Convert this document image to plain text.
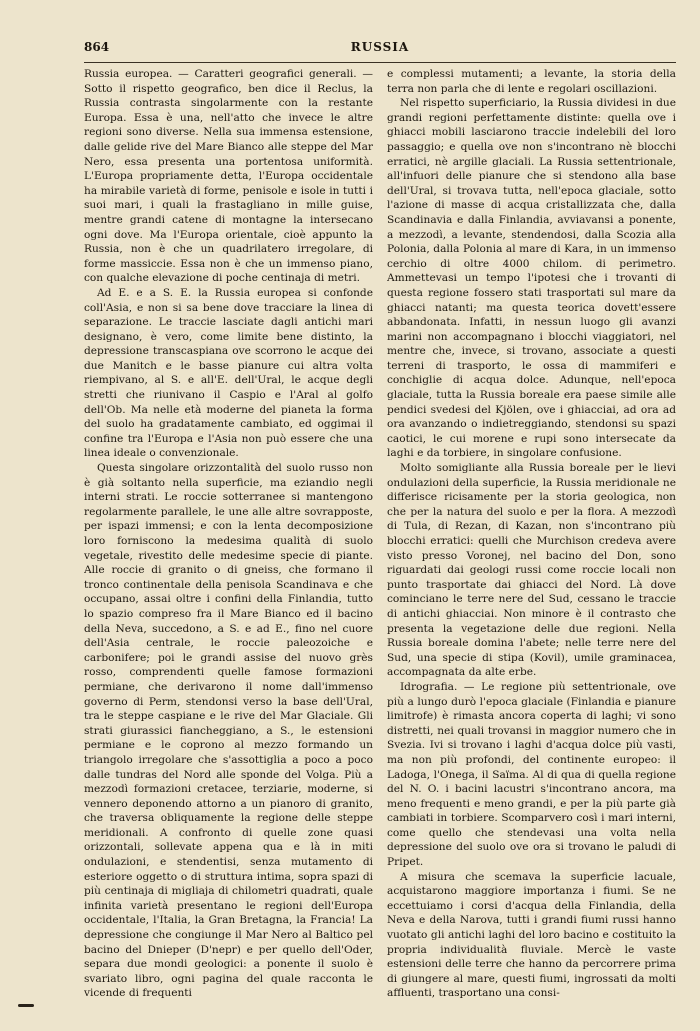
864	RUSSIA

Russia europea. — Caratteri geografici generali. — Sotto il rispetto geografico, ben dice il Reclus, la Russia contrasta singolarmente con la restante Europa. Essa è una, nell'atto che invece le altre regioni sono diverse. Nella sua immensa estensione, dalle gelide rive del Mare Bianco alle steppe del Mar Nero, essa presenta una portentosa uniformità. L'Europa propriamente detta, l'Europa occidentale ha mirabile varietà di forme, penisole e isole in tutti i suoi mari, i quali la frastagliano in mille guise, mentre grandi catene di montagne la intersecano ogni dove. Ma l'Europa orientale, cioè appunto la Russia, non è che un quadrilatero irregolare, di forme massiccie. Essa non è che un immenso piano, con qualche elevazione di poche centinaja di metri.

Ad E. e a S. E. la Russia europea si confonde coll'Asia, e non si sa bene dove tracciare la linea di separazione. Le traccie lasciate dagli antichi mari designano, è vero, come limite bene distinto, la depressione transcaspiana ove scorrono le acque dei due Manitch e le basse pianure cui altra volta riempivano, al S. e all'E. dell'Ural, le acque degli stretti che riunivano il Caspio e l'Aral al golfo dell'Ob. Ma nelle età moderne del pianeta la forma del suolo ha gradatamente cambiato, ed oggimai il confine tra l'Europa e l'Asia non può essere che una linea ideale o convenzionale.

Questa singolare orizzontalità del suolo russo non è già soltanto nella superficie, ma eziandio negli interni strati. Le roccie sotterranee si mantengono regolarmente parallele, le une alle altre sovrapposte, per ispazi immensi; e con la lenta decomposizione loro forniscono la medesima qualità di suolo vegetale, rivestito delle medesime specie di piante. Alle roccie di granito o di gneiss, che formano il tronco continentale della penisola Scandinava e che occupano, assai oltre i confini della Finlandia, tutto lo spazio compreso fra il Mare Bianco ed il bacino della Neva, succedono, a S. e ad E., fino nel cuore dell'Asia centrale, le roccie paleozoiche e carbonifere; poi le grandi assise del nuovo grès rosso, comprendenti quelle famose formazioni permiane, che derivarono il nome dall'immenso governo di Perm, stendonsi verso la base dell'Ural, tra le steppe caspiane e le rive del Mar Glaciale. Gli strati giurassici fiancheggiano, a S., le estensioni permiane e le coprono al mezzo formando un triangolo irregolare che s'assottiglia a poco a poco dalle tundras del Nord alle sponde del Volga. Più a mezzodì formazioni cretacee, terziarie, moderne, si vennero deponendo attorno a un pianoro di granito, che traversa obliquamente la regione delle steppe meridionali. A confronto di quelle zone quasi orizzontali, sollevate appena qua e là in miti ondulazioni, e stendentisi, senza mutamento di esteriore oggetto o di struttura intima, sopra spazi di più centinaja di migliaja di chilometri quadrati, quale infinita varietà presentano le regioni dell'Europa occidentale, l'Italia, la Gran Bretagna, la Francia! La depressione che congiunge il Mar Nero al Baltico pel bacino del Dnieper (D'nepr) e per quello dell'Oder, separa due mondi geologici: a ponente il suolo è svariato libro, ogni pagina del quale racconta le vicende di frequenti

e complessi mutamenti; a levante, la storia della terra non parla che di lente e regolari oscillazioni.

Nel rispetto superficiario, la Russia dividesi in due grandi regioni perfettamente distinte: quella ove i ghiacci mobili lasciarono traccie indelebili del loro passaggio; e quella ove non s'incontrano nè blocchi erratici, nè argille glaciali. La Russia settentrionale, all'infuori delle pianure che si stendono alla base dell'Ural, si trovava tutta, nell'epoca glaciale, sotto l'azione di masse di acqua cristallizzata che, dalla Scandinavia e dalla Finlandia, avviavansi a ponente, a mezzodì, a levante, stendendosi, dalla Scozia alla Polonia, dalla Polonia al mare di Kara, in un immenso cerchio di oltre 4000 chilom. di perimetro. Ammettevasi un tempo l'ipotesi che i trovanti di questa regione fossero stati trasportati sul mare da ghiacci natanti; ma questa teorica dovett'essere abbandonata. Infatti, in nessun luogo gli avanzi marini non accompagnano i blocchi viaggiatori, nel mentre che, invece, si trovano, associate a questi terreni di trasporto, le ossa di mammiferi e conchiglie di acqua dolce. Adunque, nell'epoca glaciale, tutta la Russia boreale era paese simile alle pendici svedesi del Kjölen, ove i ghiacciai, ad ora ad ora avanzando o indietreggiando, stendonsi su spazi caotici, le cui morene e rupi sono intersecate da laghi e da torbiere, in singolare confusione.

Molto somigliante alla Russia boreale per le lievi ondulazioni della superficie, la Russia meridionale ne differisce ricisamente per la storia geologica, non che per la natura del suolo e per la flora. A mezzodì di Tula, di Rezan, di Kazan, non s'incontrano più blocchi erratici: quelli che Murchison credeva avere visto presso Voronej, nel bacino del Don, sono riguardati dai geologi russi come roccie locali non punto trasportate dai ghiacci del Nord. Là dove cominciano le terre nere del Sud, cessano le traccie di antichi ghiacciai. Non minore è il contrasto che presenta la vegetazione delle due regioni. Nella Russia boreale domina l'abete; nelle terre nere del Sud, una specie di stipa (Kovil), umile graminacea, accompagnata da alte erbe.

Idrografia. — Le regione più settentrionale, ove più a lungo durò l'epoca glaciale (Finlandia e pianure limitrofe) è rimasta ancora coperta di laghi; vi sono distretti, nei quali trovansi in maggior numero che in Svezia. Ivi si trovano i laghi d'acqua dolce più vasti, ma non più profondi, del continente europeo: il Ladoga, l'Onega, il Saïma. Al di qua di quella regione del N. O. i bacini lacustri s'incontrano ancora, ma meno frequenti e meno grandi, e per la più parte già cambiati in torbiere. Scomparvero così i mari interni, come quello che stendevasi una volta nella depressione del suolo ove ora si trovano le paludi di Pripet.

A misura che scemava la superficie lacuale, acquistarono maggiore importanza i fiumi. Se ne eccettuiamo i corsi d'acqua della Finlandia, della Neva e della Narova, tutti i grandi fiumi russi hanno vuotato gli antichi laghi del loro bacino e costituito la propria individualità fluviale. Mercè le vaste estensioni delle terre che hanno da percorrere prima di giungere al mare, questi fiumi, ingrossati da molti affluenti, trasportano una consi-
